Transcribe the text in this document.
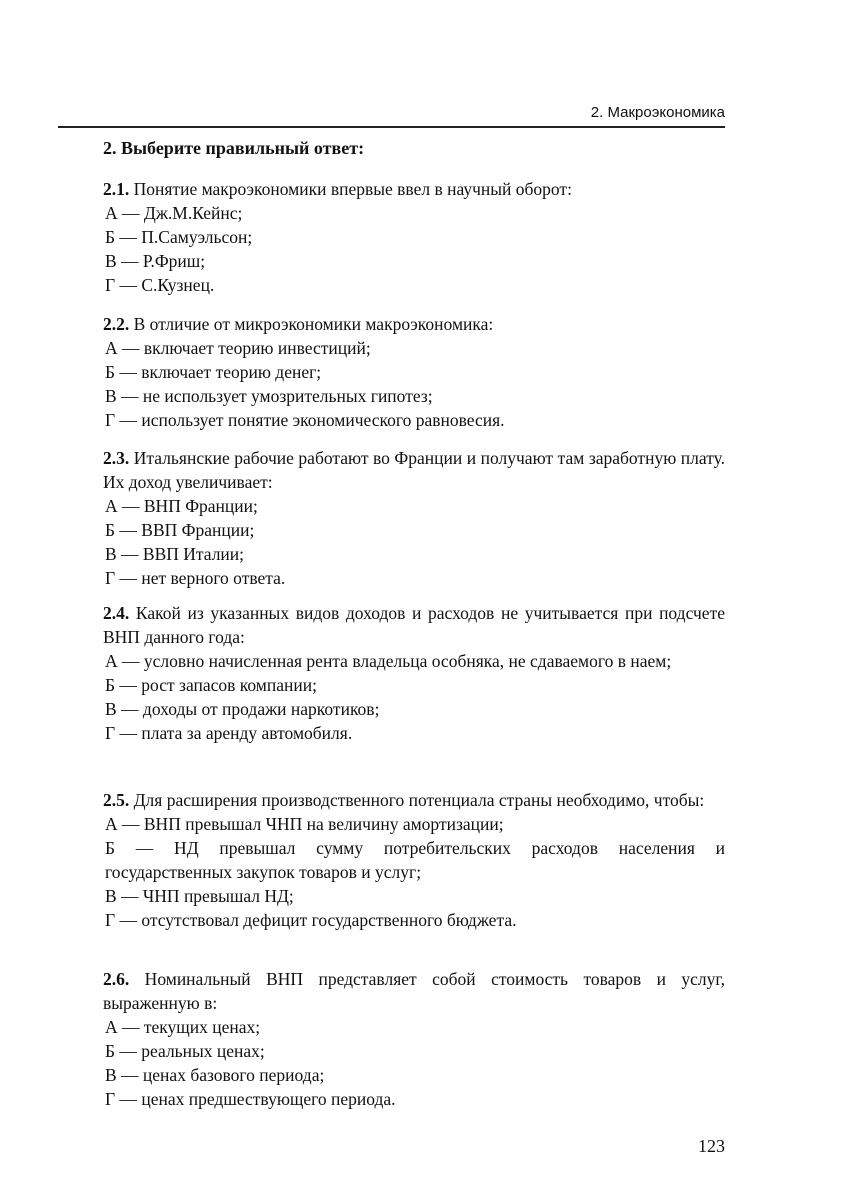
2. Макроэкономика
2. Выберите правильный ответ:

2.1. Понятие макроэкономики впервые ввел в научный оборот:

А — Дж.М.Кейнс;

Б — П.Самуэльсон;

В — Р.Фриш;

Г — С.Кузнец.

2.2. В отличие от микроэкономики макроэкономика:

А — включает теорию инвестиций;

Б — включает теорию денег;

В — не использует умозрительных гипотез;

Г — использует понятие экономического равновесия.

2.3. Итальянские рабочие работают во Франции и получают там заработную плату. Их доход увеличивает:

А — ВНП Франции;

Б — ВВП Франции;

В — ВВП Италии;

Г — нет верного ответа.

2.4. Какой из указанных видов доходов и расходов не учитывается при подсчете ВНП данного года:

А — условно начисленная рента владельца особняка, не сдаваемого в наем;

Б — рост запасов компании;

В — доходы от продажи наркотиков;

Г — плата за аренду автомобиля.

2.5. Для расширения производственного потенциала страны необходимо, чтобы:

А — ВНП превышал ЧНП на величину амортизации;

Б — НД превышал сумму потребительских расходов населения и государственных закупок товаров и услуг;

В — ЧНП превышал НД;

Г — отсутствовал дефицит государственного бюджета.

2.6. Номинальный ВНП представляет собой стоимость товаров и услуг, выраженную в:

А — текущих ценах;

Б — реальных ценах;

В — ценах базового периода;

Г — ценах предшествующего периода.

123
